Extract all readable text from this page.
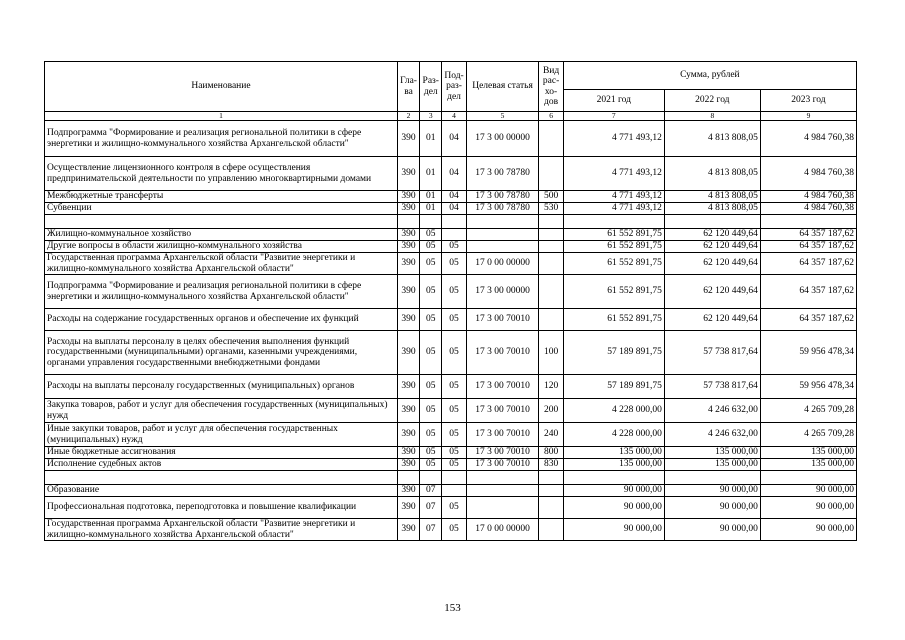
Наименование	Гла-ва	Раз-дел	Под-раз-дел	Целевая статья	Вид рас-хо-дов	Сумма, рублей		
						2021 год	2022 год	2023 год
1	2	3	4	5	6	7	8	9
Подпрограмма "Формирование и реализация региональной политики в сфере энергетики и жилищно-коммунального хозяйства Архангельской области"	390	01	04	17 3 00 00000		4 771 493,12	4 813 808,05	4 984 760,38
Осуществление лицензионного контроля в сфере осуществления предпринимательской деятельности по управлению многоквартирными домами	390	01	04	17 3 00 78780		4 771 493,12	4 813 808,05	4 984 760,38
Межбюджетные трансферты	390	01	04	17 3 00 78780	500	4 771 493,12	4 813 808,05	4 984 760,38
Субвенции	390	01	04	17 3 00 78780	530	4 771 493,12	4 813 808,05	4 984 760,38

Жилищно-коммунальное хозяйство	390	05				61 552 891,75	62 120 449,64	64 357 187,62
Другие вопросы в области жилищно-коммунального хозяйства	390	05	05			61 552 891,75	62 120 449,64	64 357 187,62
Государственная программа Архангельской области "Развитие энергетики и жилищно-коммунального хозяйства Архангельской области"	390	05	05	17 0 00 00000		61 552 891,75	62 120 449,64	64 357 187,62
Подпрограмма "Формирование и реализация региональной политики в сфере энергетики и жилищно-коммунального хозяйства Архангельской области"	390	05	05	17 3 00 00000		61 552 891,75	62 120 449,64	64 357 187,62
Расходы на содержание государственных органов и обеспечение их функций	390	05	05	17 3 00 70010		61 552 891,75	62 120 449,64	64 357 187,62
Расходы на выплаты персоналу в целях обеспечения выполнения функций государственными (муниципальными) органами, казенными учреждениями, органами управления государственными внебюджетными фондами	390	05	05	17 3 00 70010	100	57 189 891,75	57 738 817,64	59 956 478,34
Расходы на выплаты персоналу государственных (муниципальных) органов	390	05	05	17 3 00 70010	120	57 189 891,75	57 738 817,64	59 956 478,34
Закупка товаров, работ и услуг для обеспечения государственных (муниципальных) нужд	390	05	05	17 3 00 70010	200	4 228 000,00	4 246 632,00	4 265 709,28
Иные закупки товаров, работ и услуг для обеспечения государственных (муниципальных) нужд	390	05	05	17 3 00 70010	240	4 228 000,00	4 246 632,00	4 265 709,28
Иные бюджетные ассигнования	390	05	05	17 3 00 70010	800	135 000,00	135 000,00	135 000,00
Исполнение судебных актов	390	05	05	17 3 00 70010	830	135 000,00	135 000,00	135 000,00

Образование	390	07				90 000,00	90 000,00	90 000,00
Профессиональная подготовка, переподготовка и повышение квалификации	390	07	05			90 000,00	90 000,00	90 000,00
Государственная программа Архангельской области "Развитие энергетики и жилищно-коммунального хозяйства Архангельской области"	390	07	05	17 0 00 00000		90 000,00	90 000,00	90 000,00
153
